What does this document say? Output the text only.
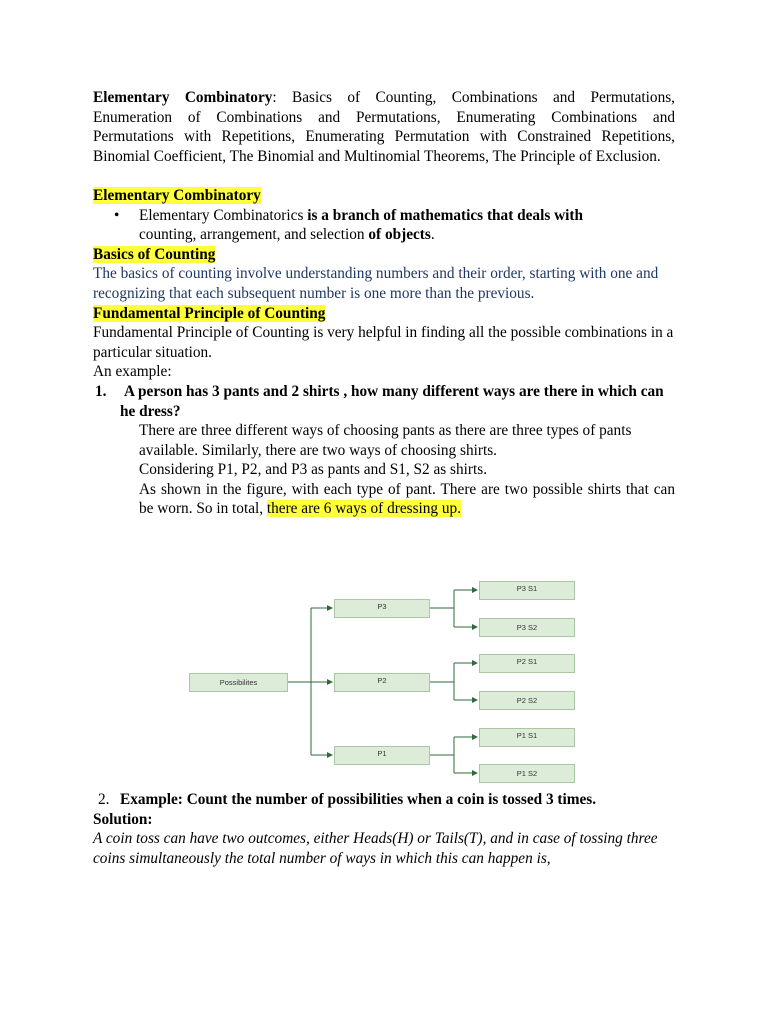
Elementary Combinatory: Basics of Counting, Combinations and Permutations, Enumeration of Combinations and Permutations, Enumerating Combinations and Permutations with Repetitions, Enumerating Permutation with Constrained Repetitions, Binomial Coefficient, The Binomial and Multinomial Theorems, The Principle of Exclusion.

Elementary Combinatory

• Elementary Combinatorics is a branch of mathematics that deals with
counting, arrangement, and selection of objects.

Basics of Counting

The basics of counting involve understanding numbers and their order, starting with one and recognizing that each subsequent number is one more than the previous.

Fundamental Principle of Counting

Fundamental Principle of Counting is very helpful in finding all the possible combinations in a particular situation.

An example:

1. A person has 3 pants and 2 shirts , how many different ways are there in which can he dress?

There are three different ways of choosing pants as there are three types of pants available. Similarly, there are two ways of choosing shirts.

Considering P1, P2, and P3 as pants and S1, S2 as shirts.

As shown in the figure, with each type of pant. There are two possible shirts that can be worn. So in total, there are 6 ways of dressing up.

Possibilites
P3
P2
P1
P3 S1
P3 S2
P2 S1
P2 S2
P1 S1
P1 S2
2. Example: Count the number of possibilities when a coin is tossed 3 times.

Solution:

A coin toss can have two outcomes, either Heads(H) or Tails(T), and in case of tossing three coins simultaneously the total number of ways in which this can happen is,
